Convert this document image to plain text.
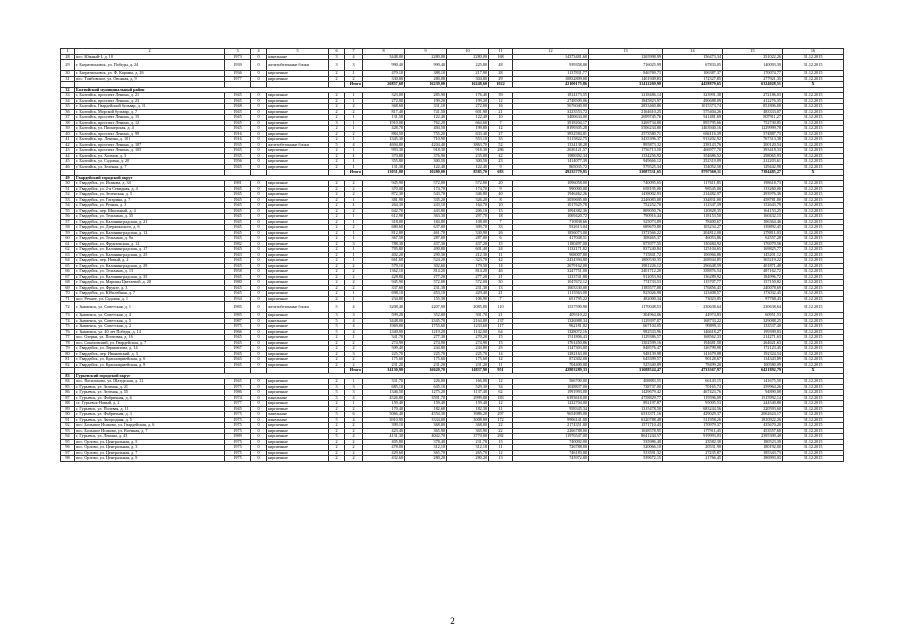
1	2	3	4	5	6	7	8	9	10	11	12	13	14	15	16
28	пос. Южный-1, д. 10	1973	0	панельные	3	4	3448,00	2280,00	2280,00	168	14373481,68	1265998,99	156473,34	251022,26	31.12.2015
29	г. Багратионовск, ул. Победы, д. 24	1939	0	железобетонные блоки	3	3	990,40	990,40	225,80	48	939358,80	716025,99	67833,05	140093,39	31.12.2015
30	г. Багратионовск, ул. Ф. Карамы, д. 26	1936	0	кирпичные	2	1	470,10	388,10	217,90	28	1137831,77	846769,73	106387,37	170074,77	31.12.2015
31	пос. Тамбовское, ул. Овсяная, д. 9	1977	0	кирпичные	2	2	330,00	280,00	304,00	29	10832809,00	1401949,83	172327,85	277921,35	31.12.2015
						Итого	26857,60	16239,00	16248,60	1022	42100175,86	31412269,90	4458879,65	6324028,51	Х
32	Балтийский муниципальный район														
33	г. Балтийск, проспект Ленина, д. 21	1945	0	кирпичные	2	1	323,00	285,90	176,40	39	1814173,55	1218486,14	323991,38	272186,03	31.12.2015
34	г. Балтийск, проспект Ленина, д. 23	1945	0	кирпичные	2	1	272,00	199,20	199,20	12	2748509,06	1845823,97	490688,09	412276,35	31.12.2015
35	г. Балтийск, Гвардейский бульвар, д. 11	1948	0	кирпичные	2	2	368,60	331,10	272,00	16	5676040,00	2833460,86	1015373,74	851806,00	31.12.2015
36	г. Балтийск, Морской бульвар, д. 7	1945	0	кирпичные	2	2	817,40	741,50	601,90	21	3223553,72	2164610,25	575404,26	483333,07	31.12.2015
37	г. Балтийск, проспект Ленина, д. 15	1945	0	кирпичные	2	1	131,50	122,40	122,40	10	3400634,00	2699745,76	541481,69	807911,27	31.12.2015
38	г. Балтийск, проспект Ленина, д. 12	1945	0	кирпичные	3	1	1910,00	762,20	664,60	7	3918204,17	3269734,80	895795,66	752730,85	31.12.2015
39	г. Балтийск, ул. Пионерская, д. 4	1945	0	кирпичные	2	1	428,70	494,50	199,80	12	8199305,28	5506234,80	1463940,16	1229999,78	31.12.2015
40	г. Балтийск, проспект Ленина, д. 99	1916	0	кирпичные	2	2	884,50	755,20	633,40	27	3832584,81	2573580,71	684116,39	574887,73	31.12.2015
41	г. Балтийск, пр. Ленина, д. 101	1916	0	кирпичные	2	1	1345,30	710,90	553,10	35	5115822,75	3435396,37	913202,92	767313,38	31.12.2015
42	г. Балтийск, проспект Ленина, д. 107	1935	0	железобетонные блоки	5	4	4694,80	4204,40	3863,70	52	1334138,28	895873,32	238143,76	200120,54	31.12.2015
43	г. Балтийск, проспект Ленина, д. 105	1945	0	кирпичные	2	1	993,30	918,30	918,30	286	2636121,57	1756713,50	466977,70	393418,33	31.12.2015
44	г. Балтийск, ул. Холмов, д. 3	1935	0	кирпичные	2	1	370,80	376,90	235,00	42	1988392,34	1334256,92	354686,52	298065,93	31.12.2015
45	г. Балтийск, ул. Садовая, д. 20	1956	0	кирпичные	2	1	355,80	300,50	300,50	23	1414077,39	949666,12	252319,09	212203,61	31.12.2015
46	г. Балтийск, ул. Зеленая, д. 7	1945	0	кирпичные	2	1	131,30	122,40	122,40	9	865035,72	579525,34	154052,58	129442,98	31.12.2015
						Итого	13031,00	10280,00	8585,70	683	49235779,85	33087531,65	8797560,11	7384485,27	Х
49	Гвардейский городской округ														
50	г. Гвардейск, ул. Исакова, д. 34	1981	0	кирпичные	2	2	945,90	572,00	572,00	20	1096058,00	740095,65	117611,85	198618,73	31.12.2015
51	г. Гвардейск, ул. 2-я Севидная, д. 4	1945	0	кирпичные	2	2	370,00	174,70	174,70	9	990000,00	658195,00	98545,00	133260,00	31.12.2015
52	г. Гвардейск, ул. Зеленская, д. 3	1945	0	кирпичные	2	2	872,30	543,70	346,80	40	1946462,26	1438002,93	214482,97	293976,36	31.12.2015
53	г. Гвардейск, ул. Гагарина, д. 7	1945	0	кирпичные	2	1	381,90	335,20	326,20	8	3039695,00	2246083,00	334831,00	458781,00	31.12.2015
54	г. Гвардейск, ул. Речная, д. 3	1945	0	кирпичные	2	1	264,30	243,10	164,70	10	1017625,78	752252,70	112347,39	152643,79	31.12.2015
55	г. Гвардейск, пер. Школьный, д. 4	1945	0	кирпичные	2	2	642,70	443,80	206,10	15	1094382,36	809050,76	120828,35	164153,25	31.12.2015
56	г. Гвардейск, ул. Тельмана, д. 35	1945	0	кирпичные	2	1	612,90	363,30	297,70	18	1069420,72	790916,44	118153,50	160432,15	31.12.2015
57	г. Гвардейск, ул. Калининградская, д. 21	1945	0	кирпичные	2	1	318,00	184,80	108,00	7	710838,66	525073,89	78400,67	106364,46	31.12.2015
58	г. Гвардейск, ул. Дзержинского, д. 6	1945	0	кирпичные	2	2	680,60	637,00	309,70	33	932613,04	689670,80	103234,27	139892,45	31.12.2015
59	г. Гвардейск, ул. Калининградская, д. 12	1945	0	кирпичные	2	1	812,80	461,70	330,90	26	1856073,00	1372566,22	204812,00	278811,03	31.12.2015
60	г. Гвардейск, ул. Тельмана, д. 9а	1945	0	кирпичные	2	1	367,50	287,00	287,00	6	417048,51	308465,37	46053,86	62557,28	31.12.2015
61	г. Гвардейск, ул. Фрунзенская, д. 12	1982	0	кирпичные	2	3	788,30	437,30	437,20	15	1180497,00	873977,55	130484,92	176979,56	31.12.2015
62	г. Гвардейск, ул. Калининградская, д. 17	1945	0	кирпичные	2	1	795,80	490,80	601,40	24	1132171,82	837240,84	125104,65	169825,77	31.12.2015
63	г. Гвардейск, ул. Калининградская, д. 25	1943	0	кирпичные	2	1	402,20	290,30	212,30	11	968007,00	715841,72	106966,86	145201,12	31.12.2015
64	г. Гвардейск, пер. Новый, д. 2	1945	0	кирпичные	2	1	661,60	524,20	323,70	42	2434394,80	1800530,35	268944,85	365219,22	31.12.2015
65	г. Гвардейск, ул. Калининградская, д. 29	1945	0	кирпичные	2	2	579,10	302,60	179,50	14	2679162,00	1981226,12	296648,59	401871,40	31.12.2015
66	г. Гвардейск, ул. Тельмана, д. 13	1958	0	кирпичные	2	2	1362,10	814,20	814,20	46	3247751,00	2401712,20	358876,54	487162,72	31.12.2015
67	г. Гвардейск, ул. Калининградская, д. 35	1945	0	кирпичные	2	2	428,80	277,20	277,20	21	1233741,88	912053,94	136289,92	184996,72	31.12.2015
68	г. Гвардейск, ул. Марины Цветаевой, д. 20	1980	0	кирпичные	2	2	945,90	572,00	572,00	30	1047672,12	774733,53	115707,77	157150,82	31.12.2015
69	г. Гвардейск, ул. Фрунзе, д. 3	1945	0	кирпичные	2	2	337,60	231,30	231,30	13	1603330,00	1185577,88	176856,43	240078,69	31.12.2015
70	г. Гвардейск, ул. Юбилейная, д. 7	1945	0	кирпичные	2	1	698,10	453,10	429,40	21	1115563,00	825026,98	123408,57	173032,45	31.12.2015
71	пос. Речное, ул. Садовая, д. 1	1934	0	кирпичные	2	1	234,80	155,30	106,90	7	651795,22	482000,34	73023,05	97768,43	31.12.2015
72	г. Знаменск, ул. Советская, д. 1	1985	0	железобетонные блоки	5	4	3208,40	2207,90	2085,80	110	1537590,98	1170048,53	230638,64	230638,64	31.12.2015
73	г. Знаменск, ул. Советская, д. 4	1985	0	кирпичные	3	3	599,20	352,00	301,70	21	409310,22	304964,06	44974,83	60951,53	31.12.2015
74	г. Знаменск, ул. Советская, д. 5	1987	0	панельные	5	4	3448,00	2345,70	2164,80	137	1326988,34	1129397,87	168733,22	329088,25	31.12.2015
75	г. Знаменск, ул. Советская, д. 2	1975	0	кирпичные	5	4	1969,00	1755,60	1233,60	117	962181,82	667104,05	99899,11	133537,40	31.12.2015
76	г. Знаменск, ул. 40 лет Победы, д. 14	1966	0	кирпичные	5	4	1340,90	1219,20	1142,00	64	1328072,16	982533,96	146618,27	199399,83	31.12.2015
77	пос. Озерки, ул. Почтовая, д. 16	1945	0	кирпичные	2	1	341,70	277,30	270,20	15	1511806,43	1129386,57	168562,33	214271,63	31.12.2015
78	пос. Соколовский, ул. Гвардейская, д. 7	1945	0	кирпичные	2	2	274,90	274,90	274,90	15	1761450,86	1302599,16	194681,58	264621,63	31.12.2015
79	г. Гвардейск, ул. Лермонтова, д. 14	1967	0	кирпичные	2	2	509,40	244,80	244,80	25	1147303,00	848576,47	126799,98	172123,45	31.12.2015
80	г. Гвардейск, пер. Ивановский, д. 3	1945	0	кирпичные	2	3	225,70	225,70	225,70	14	1282163,00	948139,98	141679,08	192324,54	31.12.2015
81	г. Гвардейск, ул. Красноармейская, д. 6	1945	0	кирпичные	2	2	175,60	175,60	175,60	12	872302,00	645399,57	90128,67	134343,89	31.12.2015
82	г. Гвардейск, ул. Красноармейская, д. 8	1945	0	кирпичные	2	2	231,20	231,20	231,20	11	704400,00	525340,89	78499,20	100580,09	31.12.2015
						Итого	34130,90	16620,70	14837,90	951	42803289,33	31688524,47	4733567,97	6421892,79	Х
83	Гурьевский городской округ														
84	пос. Васильково, ул. Шатурская, д. 12	1945	0	кирпичные	2	1	331,70	226,00	166,00	12	566700,00	408883,55	66143,15	141675,50	31.12.2015
85	г. Гурьевск, ул. Зеленая, д. 21	1975	0	кирпичные	3	3	685,10	645,10	529,30	34	1028837,00	738737,00	70165,74	259964,26	31.12.2015
86	г. Гурьевск, ул. Зеленая, д. 55	1986	0	кирпичные	5	3	1346,50	1275,20	1137,40	62	1991993,00	1429679,42	467423,76	94890,00	31.12.2015
87	г. Гурьевск, ул. Фабричная, д. 6	1974	0	панельные	5	4	4526,80	3591,70	2999,80	183	6393618,00	4758829,77	119596,09	1515992,14	31.12.2015
88	ст. Гурьевск-Новый, д. 2	1977	0	кирпичные	2	1	159,40	159,40	159,40	12	1222704,00	892197,87	95005,53	244540,80	31.12.2015
89	г. Гурьевск, ул. Полевая, д. 11	1945	0	кирпичные	2	2	170,40	182,60	182,30	11	958345,34	1315478,50	683244,56	220593,60	31.12.2015
90	г. Гурьевск, ул. Фабричная, д. 3	1975	0	панельные	5	6	5066,40	4554,30	3986,20	297	9654989,00	6533371,16	429029,37	2062624,17	31.12.2015
91	г. Гурьевск, ул. Загородная, д. 5	1975	0	панельные	5	4	3910,90	3334,00	3008,00	172	9906141,00	6320788,48	511958,26	1810922,26	31.12.2015
92	пос. Большое Исаково, ул. Гвардейская, д. 6	1975	0	кирпичные	2	2	399,10	368,00	368,00	22	2174351,00	1571710,43	170979,37	435670,20	31.12.2015
93	пос. Большое Исаково, ул. Военная, д. 7	1975	0	кирпичные	2	2	423,40	365,90	365,90	22	2266788,00	1638578,95	177911,45	453557,60	31.12.2015
94	г. Гурьевск, ул. Ленина, д. 43	1989	0	кирпичные	5	4	4131,30	4042,70	3770,00	282	11976547,00	8641244,57	919993,03	2395309,40	31.12.2015
95	пос. Орлово, ул. Центральная, д. 5	1975	0	кирпичные	2	2	405,80	378,40	231,70	15	740092,00	535986,40	23582,30	180523,30	31.12.2015
96	пос. Орлово, ул. Центральная, д. 3	1975	0	кирпичные	2	2	478,00	312,10	312,10	11	726788,00	520066,10	20531,90	180192,00	31.12.2015
97	пос. Орлово, ул. Центральная, д. 7	1975	0	кирпичные	2	2	429,60	365,70	265,70	12	746183,00	533591,32	27235,87	185343,75	31.12.2015
98	пос. Орлово, ул. Центральная, д. 9	1975	0	кирпичные	2	2	432,60	280,20	280,20	13	743972,00	539672,15	21766,45	186993,03	31.12.2015
2
